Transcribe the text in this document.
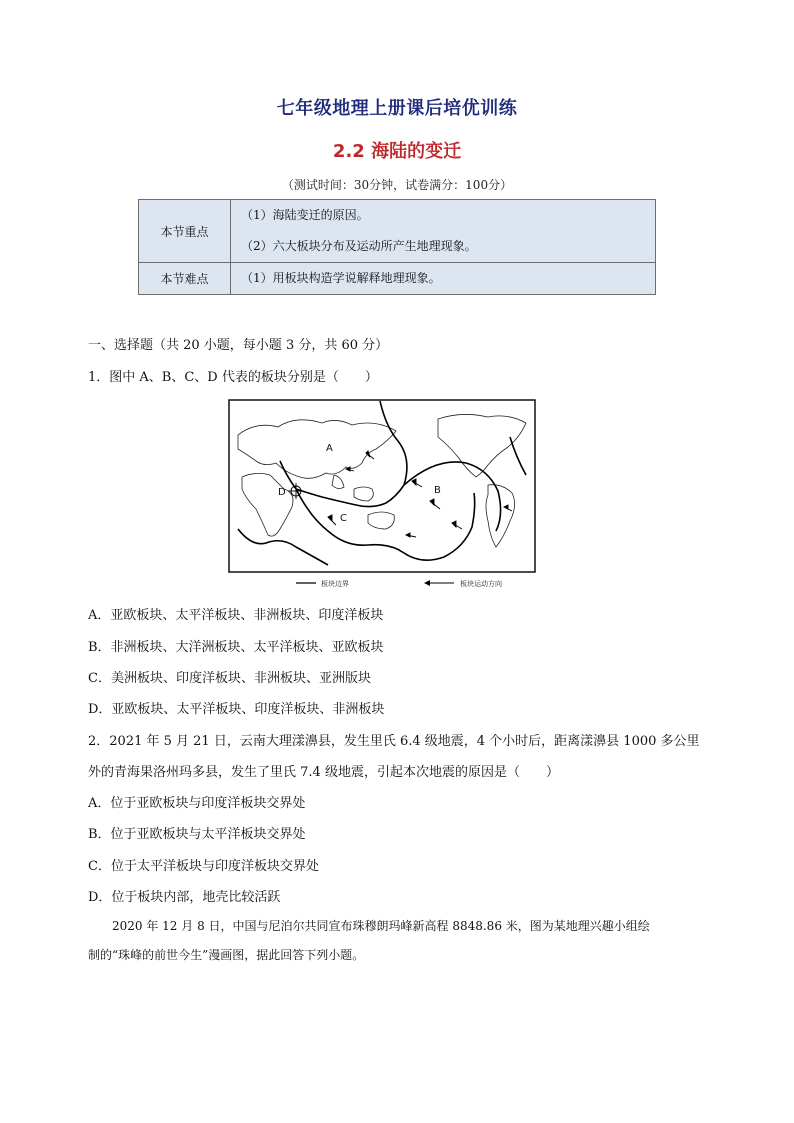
七年级地理上册课后培优训练
2.2 海陆的变迁
（测试时间：30分钟，试卷满分：100分）
本节重点	（1）海陆变迁的原因。
（2）六大板块分布及运动所产生地理现象。

本节难点	（1）用板块构造学说解释地理现象。
一、选择题（共 20 小题，每小题 3 分，共 60 分）
1．图中 A、B、C、D 代表的板块分别是（　　）
A
B
C
D
板块边界	板块运动方向
A．亚欧板块、太平洋板块、非洲板块、印度洋板块
B．非洲板块、大洋洲板块、太平洋板块、亚欧板块
C．美洲板块、印度洋板块、非洲板块、亚洲版块
D．亚欧板块、太平洋板块、印度洋板块、非洲板块
2．2021 年 5 月 21 日，云南大理漾濞县，发生里氏 6.4 级地震，4 个小时后，距离漾濞县 1000 多公里
外的青海果洛州玛多县，发生了里氏 7.4 级地震，引起本次地震的原因是（　　）
A．位于亚欧板块与印度洋板块交界处
B．位于亚欧板块与太平洋板块交界处
C．位于太平洋板块与印度洋板块交界处
D．位于板块内部，地壳比较活跃
2020 年 12 月 8 日，中国与尼泊尔共同宣布珠穆朗玛峰新高程 8848.86 米，图为某地理兴趣小组绘
制的“珠峰的前世今生”漫画图，据此回答下列小题。
